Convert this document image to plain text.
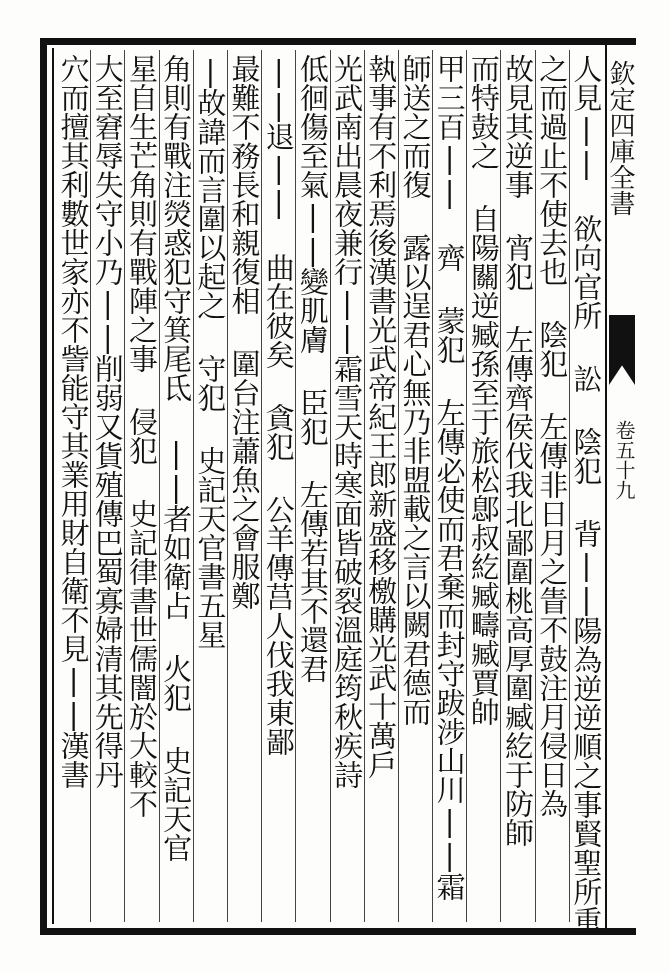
欽定四庫全書
卷五十九
人見|| 欲向官所 訟 陰犯 背||陽為逆逆順之事賢聖所重
之而過止不使去也 陰犯 左傳非日月之眚不鼓注月侵日為
故見其逆事 宵犯 左傳齊侯伐我北鄙圍桃高厚圍臧紇于防師
而特鼓之 自陽關逆臧孫至于旅松鄎叔紇臧疇臧賈帥
甲三百|| 齊 蒙犯 左傳必使而君棄而封守跋涉山川||霜
師送之而復 露以逞君心無乃非盟載之言以闕君德而
執事有不利焉後漢書光武帝紀王郎新盛移檄購光武十萬戶
光武南出晨夜兼行||霜雪天時寒面皆破裂溫庭筠秋疾詩
低徊傷至氣||變肌膚 臣犯 左傳若其不還君
||退|| 曲在彼矣 貪犯 公羊傳莒人伐我東鄙
最難不務長和親復相 圍台注蕭魚之會服鄭
|故諱而言圍以起之 守犯 史記天官書五星
角則有戰注熒惑犯守箕尾氐 ||者如衛占 火犯 史記天官
星自生芒角則有戰陣之事 侵犯 史記律書世儒闇於大較不
大至窘辱失守小乃||削弱又貨殖傳巴蜀寡婦清其先得丹
穴而擅其利數世家亦不訾能守其業用財自衛不見||漢書
